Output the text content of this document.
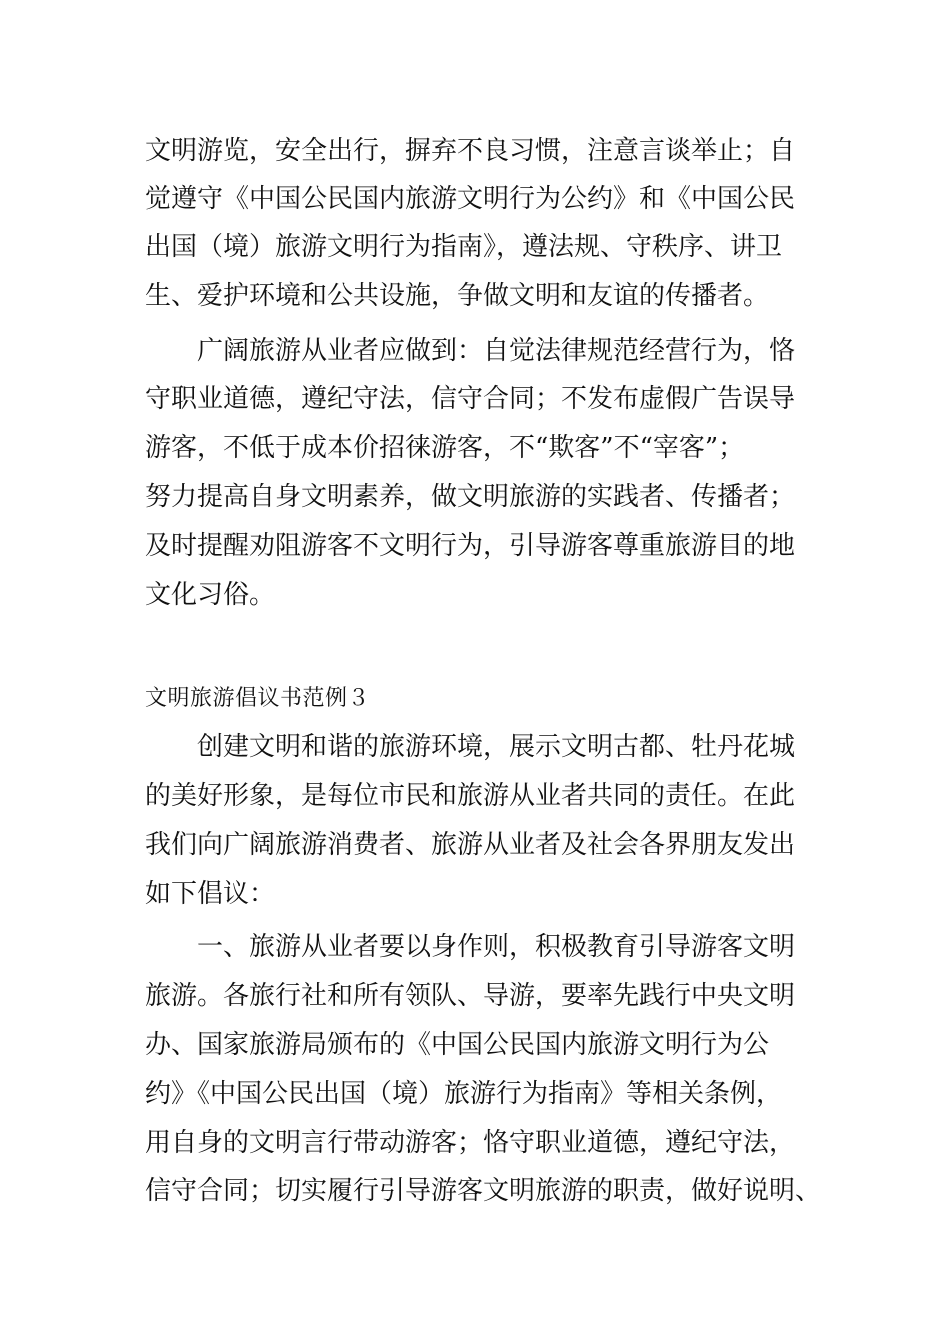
文明游览，安全出行，摒弃不良习惯，注意言谈举止；自
觉遵守《中国公民国内旅游文明行为公约》和《中国公民
出国（境）旅游文明行为指南》，遵法规、守秩序、讲卫
生、爱护环境和公共设施，争做文明和友谊的传播者。
广阔旅游从业者应做到：自觉法律规范经营行为，恪
守职业道德，遵纪守法，信守合同；不发布虚假广告误导
游客，不低于成本价招徕游客，不“欺客”不“宰客”；
努力提高自身文明素养，做文明旅游的实践者、传播者；
及时提醒劝阻游客不文明行为，引导游客尊重旅游目的地
文化习俗。
文明旅游倡议书范例３
创建文明和谐的旅游环境，展示文明古都、牡丹花城
的美好形象，是每位市民和旅游从业者共同的责任。在此
我们向广阔旅游消费者、旅游从业者及社会各界朋友发出
如下倡议：
一、旅游从业者要以身作则，积极教育引导游客文明
旅游。各旅行社和所有领队、导游，要率先践行中央文明
办、国家旅游局颁布的《中国公民国内旅游文明行为公
约》《中国公民出国（境）旅游行为指南》等相关条例，
用自身的文明言行带动游客；恪守职业道德，遵纪守法，
信守合同；切实履行引导游客文明旅游的职责，做好说明、
